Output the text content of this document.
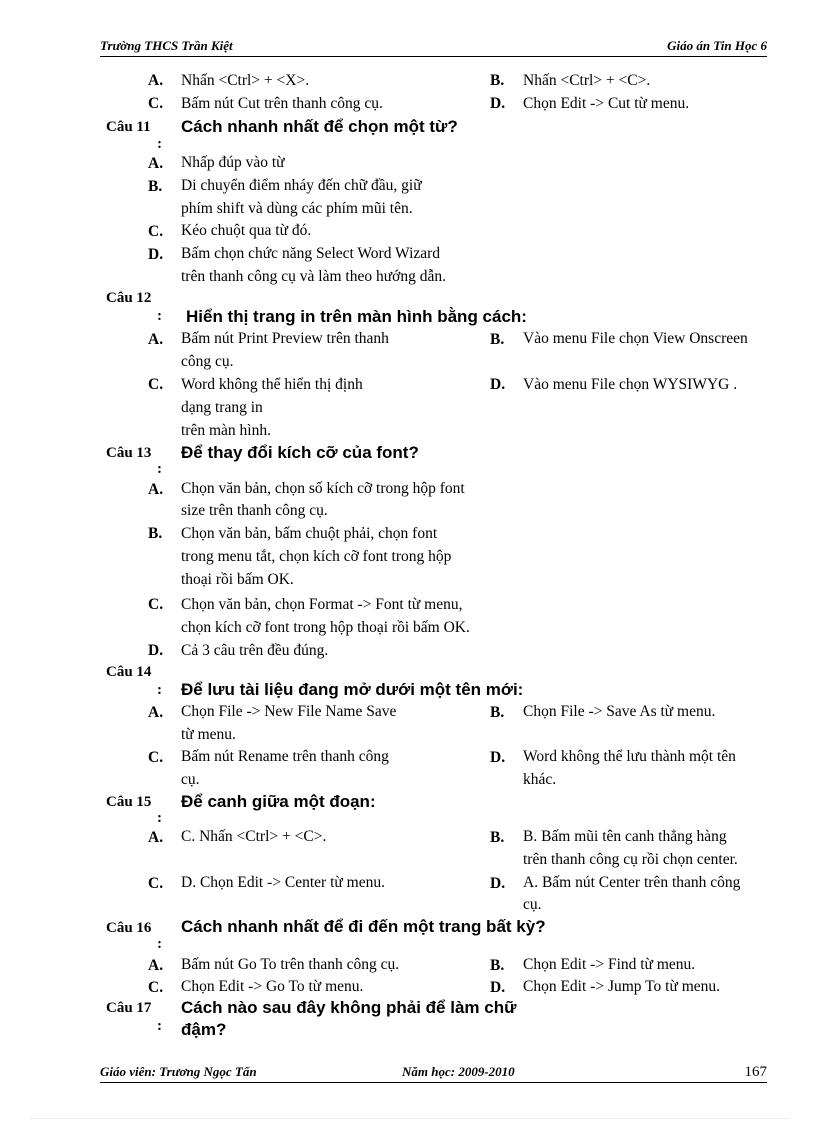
Trường THCS Trần Kiệt	Giáo án Tin Học 6
A. Nhấn <Ctrl> + <X>.	B. Nhấn <Ctrl> + <C>.
C. Bấm nút Cut trên thanh công cụ.	D. Chọn Edit -> Cut từ menu.
Câu 11
:
Cách nhanh nhất để chọn một từ?
A. Nhấp đúp vào từ
B. Di chuyển điểm nháy đến chữ đầu, giữ
phím shift và dùng các phím mũi tên.
C. Kéo chuột qua từ đó.
D. Bấm chọn chức năng Select Word Wizard
trên thanh công cụ và làm theo hướng dẫn.
Câu 12
: Hiển thị trang in trên màn hình bằng cách:
A. Bấm nút Print Preview trên thanh
công cụ.
B. Vào menu File chọn View Onscreen
C. Word không thể hiển thị định
dạng trang in
trên màn hình.
D. Vào menu File chọn WYSIWYG .
Câu 13
:
Để thay đổi kích cỡ của font?
A. Chọn văn bản, chọn số kích cỡ trong hộp font
size trên thanh công cụ.
B. Chọn văn bản, bấm chuột phải, chọn font
trong menu tắt, chọn kích cỡ font trong hộp
thoại rồi bấm OK.
C. Chọn văn bản, chọn Format -> Font từ menu,
chọn kích cỡ font trong hộp thoại rồi bấm OK.
D. Cả 3 câu trên đều đúng.
Câu 14
: Để lưu tài liệu đang mở dưới một tên mới:
A. Chọn File -> New File Name Save
từ menu.
B. Chọn File -> Save As từ menu.
C. Bấm nút Rename trên thanh công
cụ.
D. Word không thể lưu thành một tên
khác.
Câu 15
:
Để canh giữa một đoạn:
A. C. Nhấn <Ctrl> + <C>.	B. B. Bấm mũi tên canh thẳng hàng
trên thanh công cụ rồi chọn center.
C. D. Chọn Edit -> Center từ menu.	D. A. Bấm nút Center trên thanh công
cụ.
Câu 16
:
Cách nhanh nhất để đi đến một trang bất kỳ?
A. Bấm nút Go To trên thanh công cụ.	B. Chọn Edit -> Find từ menu.
C. Chọn Edit -> Go To từ menu.	D. Chọn Edit -> Jump To từ menu.
Câu 17
:
Cách nào sau đây không phải để làm chữ
đậm?
Giáo viên: Trương Ngọc Tấn	Năm học: 2009-2010	167
